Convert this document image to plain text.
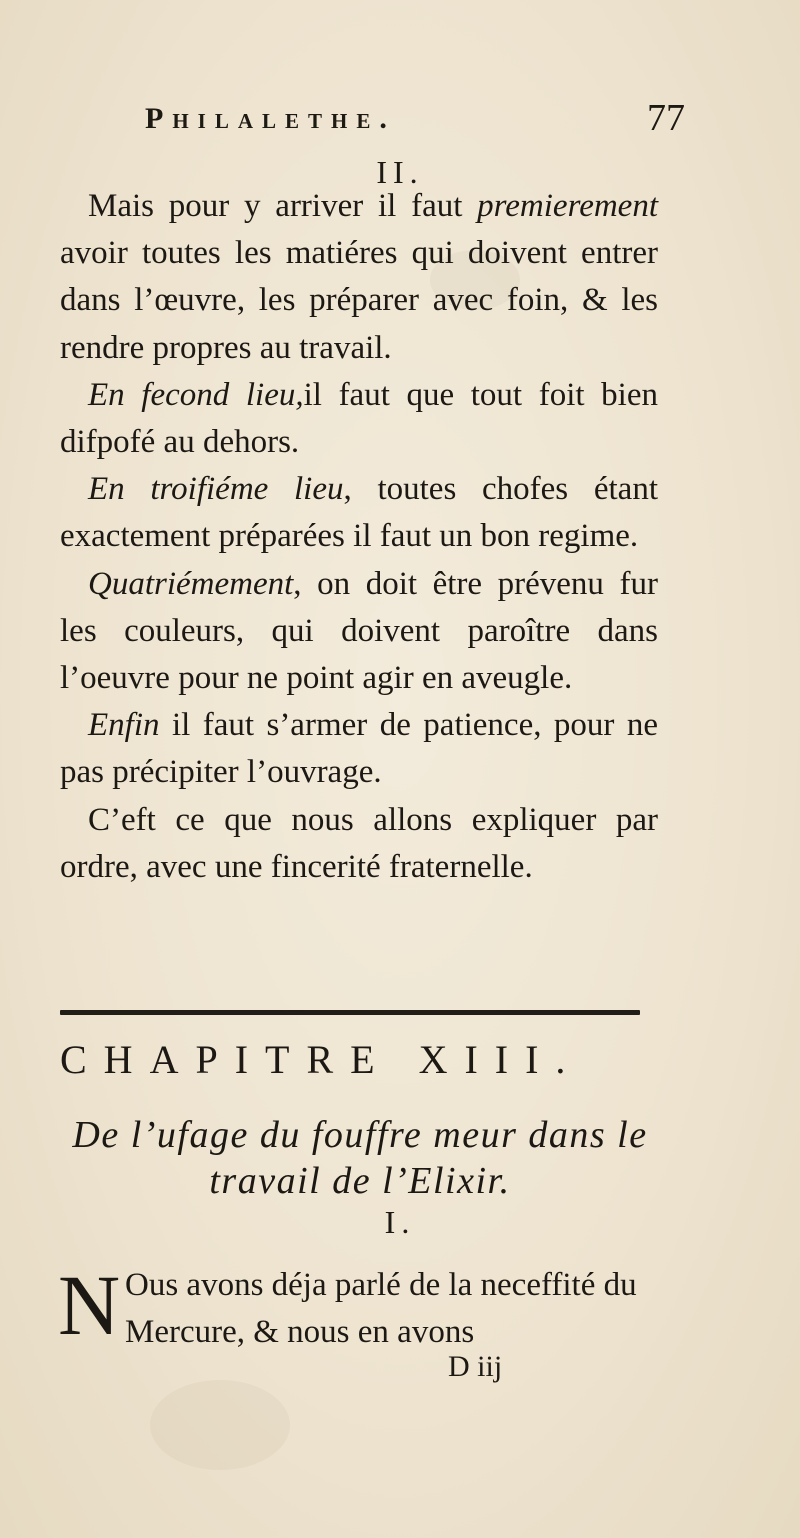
Philalethe.	77
II.

Mais pour y arriver il faut premierement avoir toutes les matiéres qui doivent entrer dans l’œuvre, les préparer avec foin, & les rendre propres au travail.

En fecond lieu,il faut que tout foit bien difpofé au dehors.

En troifiéme lieu, toutes chofes étant exactement préparées il faut un bon regime.

Quatriémement, on doit être prévenu fur les couleurs, qui doivent paroître dans l’oeuvre pour ne point agir en aveugle.

Enfin il faut s’armer de patience, pour ne pas précipiter l’ouvrage.

C’eft ce que nous allons expliquer par ordre, avec une fincerité fraternelle.

CHAPITRE XIII.
De l’ufage du fouffre meur dans le
travail de l’Elixir.
I.
N Ous avons déja parlé de la neceffité du Mercure, & nous en avons

D iij
